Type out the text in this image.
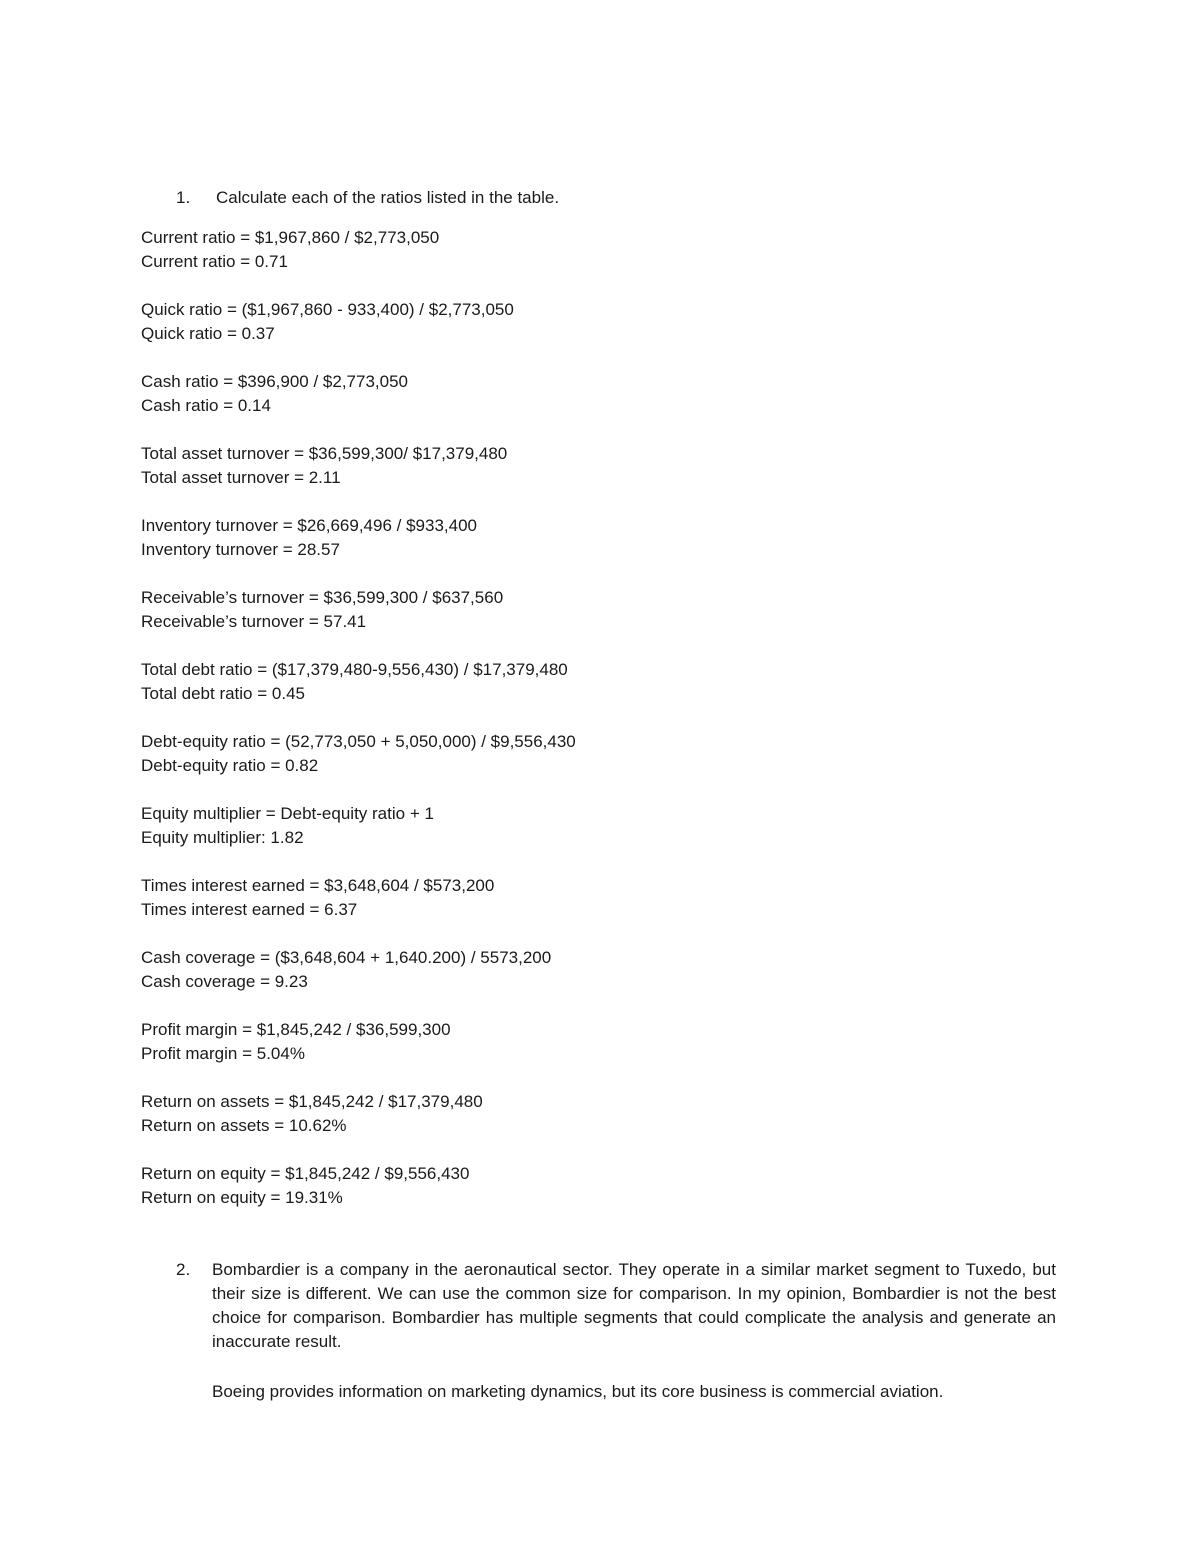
1. Calculate each of the ratios listed in the table.
Current ratio = $1,967,860 / $2,773,050
Current ratio = 0.71
Quick ratio = ($1,967,860 - 933,400) / $2,773,050
Quick ratio = 0.37
Cash ratio = $396,900 / $2,773,050
Cash ratio = 0.14
Total asset turnover = $36,599,300/ $17,379,480
Total asset turnover = 2.11
Inventory turnover = $26,669,496 / $933,400
Inventory turnover = 28.57
Receivable’s turnover = $36,599,300 / $637,560
Receivable’s turnover = 57.41
Total debt ratio = ($17,379,480-9,556,430) / $17,379,480
Total debt ratio = 0.45
Debt-equity ratio = (52,773,050 + 5,050,000) / $9,556,430
Debt-equity ratio = 0.82
Equity multiplier = Debt-equity ratio + 1
Equity multiplier: 1.82
Times interest earned = $3,648,604 / $573,200
Times interest earned = 6.37
Cash coverage = ($3,648,604 + 1,640.200) / 5573,200
Cash coverage = 9.23
Profit margin = $1,845,242 / $36,599,300
Profit margin = 5.04%
Return on assets = $1,845,242 / $17,379,480
Return on assets = 10.62%
Return on equity = $1,845,242 / $9,556,430
Return on equity = 19.31%
2. Bombardier is a company in the aeronautical sector. They operate in a similar market segment to Tuxedo, but their size is different. We can use the common size for comparison. In my opinion, Bombardier is not the best choice for comparison. Bombardier has multiple segments that could complicate the analysis and generate an inaccurate result.
Boeing provides information on marketing dynamics, but its core business is commercial aviation.
